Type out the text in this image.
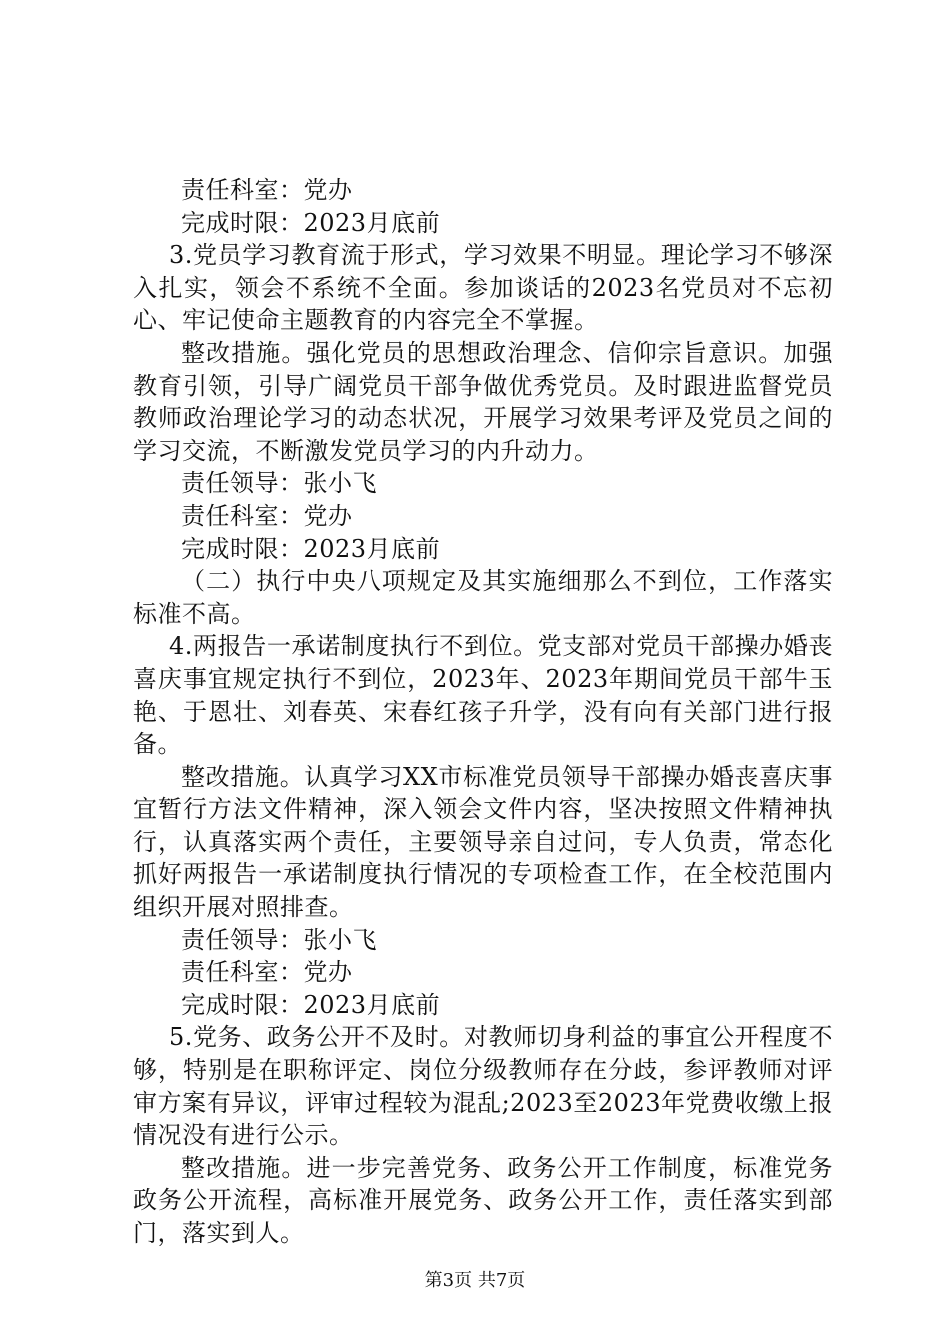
责任科室：党办

完成时限：2023月底前

3.党员学习教育流于形式，学习效果不明显。理论学习不够深入扎实，领会不系统不全面。参加谈话的2023名党员对不忘初心、牢记使命主题教育的内容完全不掌握。

整改措施。强化党员的思想政治理念、信仰宗旨意识。加强教育引领，引导广阔党员干部争做优秀党员。及时跟进监督党员教师政治理论学习的动态状况，开展学习效果考评及党员之间的学习交流，不断激发党员学习的内升动力。

责任领导：张小飞

责任科室：党办

完成时限：2023月底前

（二）执行中央八项规定及其实施细那么不到位，工作落实标准不高。

4.两报告一承诺制度执行不到位。党支部对党员干部操办婚丧喜庆事宜规定执行不到位，2023年、2023年期间党员干部牛玉艳、于恩壮、刘春英、宋春红孩子升学，没有向有关部门进行报备。

整改措施。认真学习XX市标准党员领导干部操办婚丧喜庆事宜暂行方法文件精神，深入领会文件内容，坚决按照文件精神执行，认真落实两个责任，主要领导亲自过问，专人负责，常态化抓好两报告一承诺制度执行情况的专项检查工作，在全校范围内组织开展对照排查。

责任领导：张小飞

责任科室：党办

完成时限：2023月底前

5.党务、政务公开不及时。对教师切身利益的事宜公开程度不够，特别是在职称评定、岗位分级教师存在分歧，参评教师对评审方案有异议，评审过程较为混乱;2023至2023年党费收缴上报情况没有进行公示。

整改措施。进一步完善党务、政务公开工作制度，标准党务政务公开流程，高标准开展党务、政务公开工作，责任落实到部门，落实到人。

第3页 共7页
